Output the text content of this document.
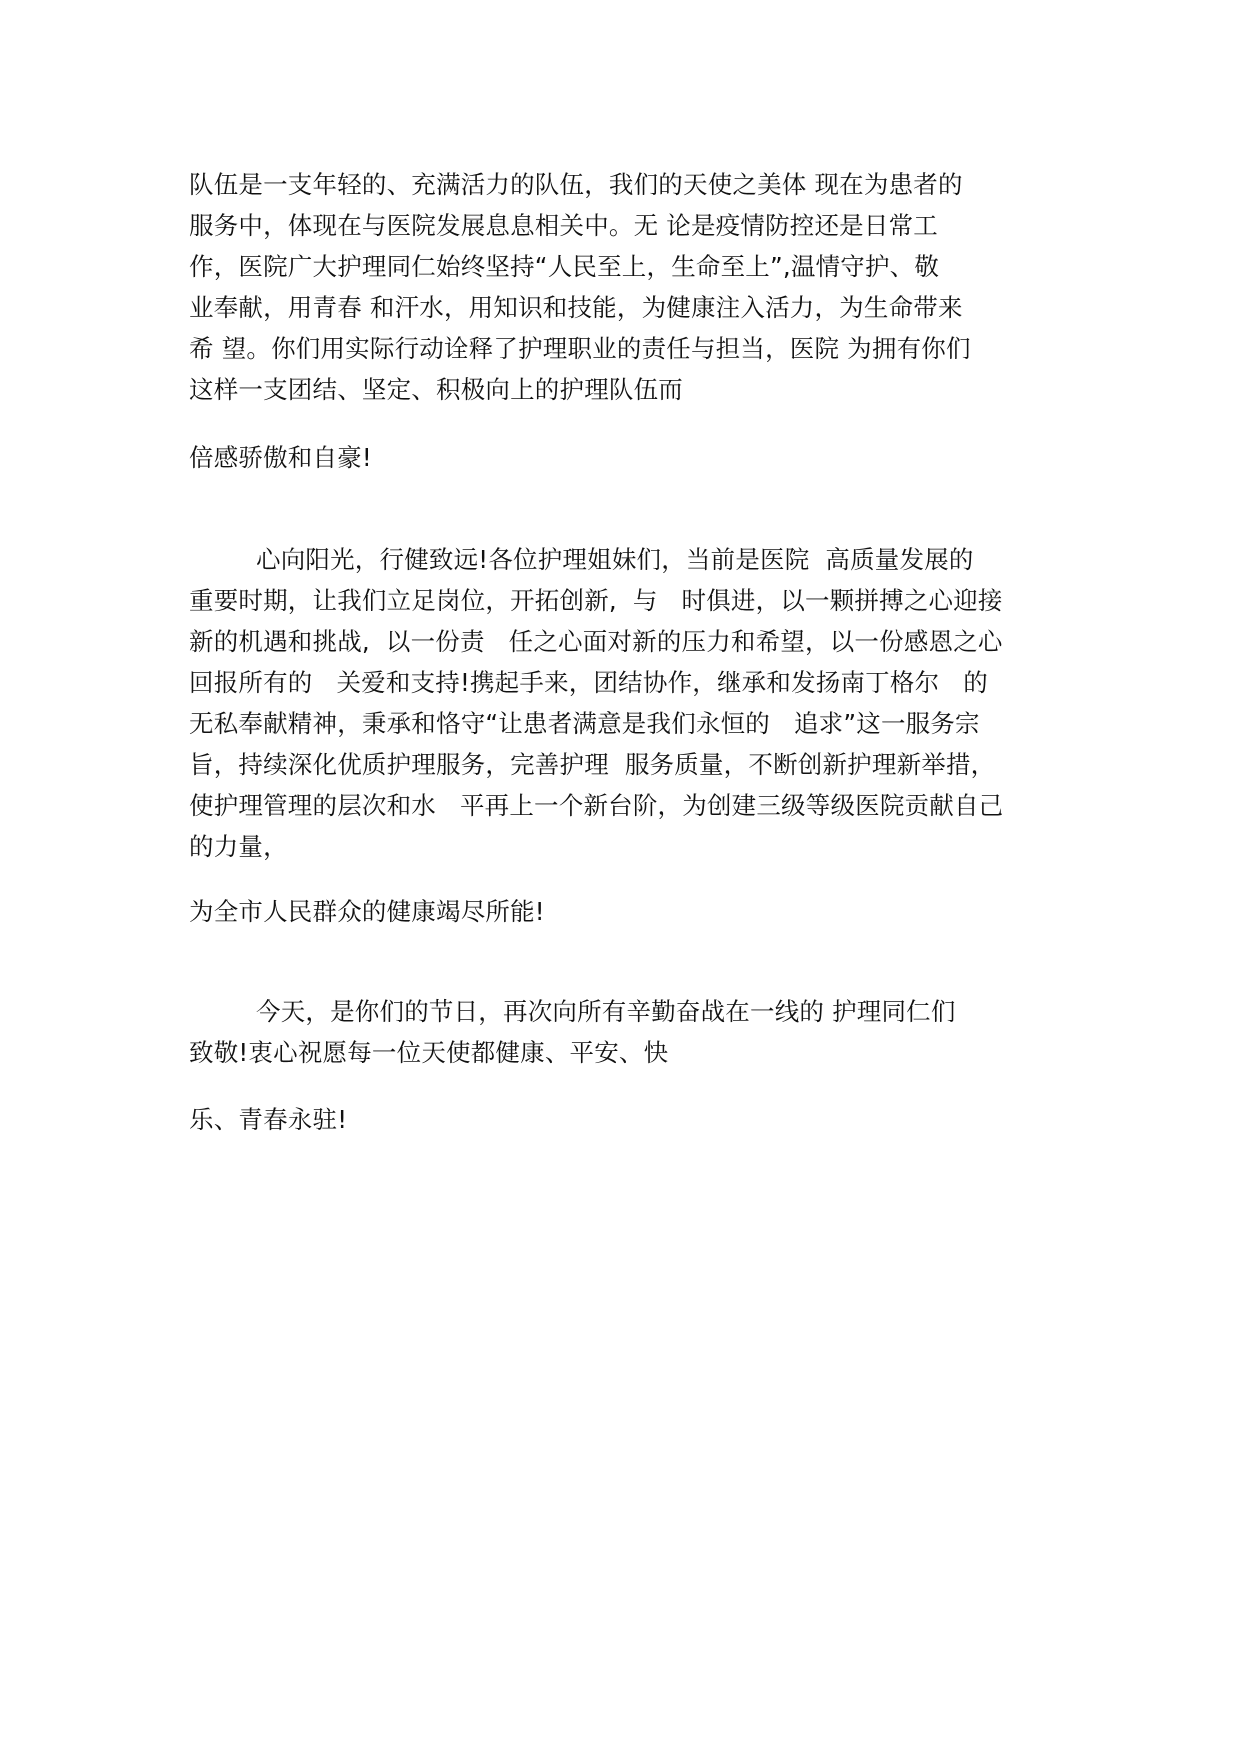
队伍是一支年轻的、充满活力的队伍，我们的天使之美体 现在为患者的
服务中，体现在与医院发展息息相关中。无 论是疫情防控还是日常工
作，医院广大护理同仁始终坚持“人民至上，生命至上”,温情守护、敬
业奉献，用青春 和汗水，用知识和技能，为健康注入活力，为生命带来
希 望。你们用实际行动诠释了护理职业的责任与担当，医院 为拥有你们
这样一支团结、坚定、积极向上的护理队伍而
倍感骄傲和自豪!
心向阳光，行健致远!各位护理姐妹们，当前是医院  高质量发展的
重要时期，让我们立足岗位，开拓创新,  与   时俱进，以一颗拼搏之心迎接
新的机遇和挑战,  以一份责   任之心面对新的压力和希望，以一份感恩之心
回报所有的   关爱和支持!携起手来，团结协作，继承和发扬南丁格尔   的
无私奉献精神，秉承和恪守“让患者满意是我们永恒的   追求”这一服务宗
旨，持续深化优质护理服务，完善护理  服务质量，不断创新护理新举措，
使护理管理的层次和水   平再上一个新台阶，为创建三级等级医院贡献自己
的力量，
为全市人民群众的健康竭尽所能!
今天，是你们的节日，再次向所有辛勤奋战在一线的 护理同仁们
致敬!衷心祝愿每一位天使都健康、平安、快
乐、青春永驻!
